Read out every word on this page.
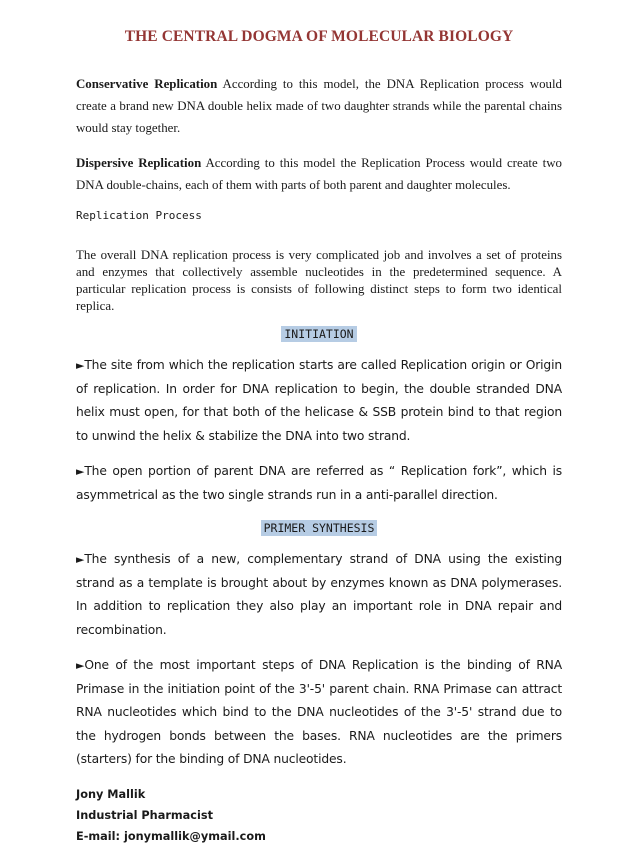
THE CENTRAL DOGMA OF MOLECULAR BIOLOGY

Conservative Replication According to this model, the DNA Replication process would create a brand new DNA double helix made of two daughter strands while the parental chains would stay together.

Dispersive Replication According to this model the Replication Process would create two DNA double-chains, each of them with parts of both parent and daughter molecules.

Replication Process

The overall DNA replication process is very complicated job and involves a set of proteins and enzymes that collectively assemble nucleotides in the predetermined sequence. A particular replication process is consists of following distinct steps to form two identical replica.

INITIATION

►The site from which the replication starts are called Replication origin or Origin of replication. In order for DNA replication to begin, the double stranded DNA helix must open, for that both of the helicase & SSB protein bind to that region to unwind the helix & stabilize the DNA into two strand.

►The open portion of parent DNA are referred as “ Replication fork”, which is asymmetrical as the two single strands run in a anti-parallel direction.

PRIMER SYNTHESIS

►The synthesis of a new, complementary strand of DNA using the existing strand as a template is brought about by enzymes known as DNA polymerases. In addition to replication they also play an important role in DNA repair and recombination.

►One of the most important steps of DNA Replication is the binding of RNA Primase in the initiation point of the 3'-5' parent chain. RNA Primase can attract RNA nucleotides which bind to the DNA nucleotides of the 3'-5' strand due to the hydrogen bonds between the bases. RNA nucleotides are the primers (starters) for the binding of DNA nucleotides.

Jony Mallik
Industrial Pharmacist
E-mail: jonymallik@ymail.com
